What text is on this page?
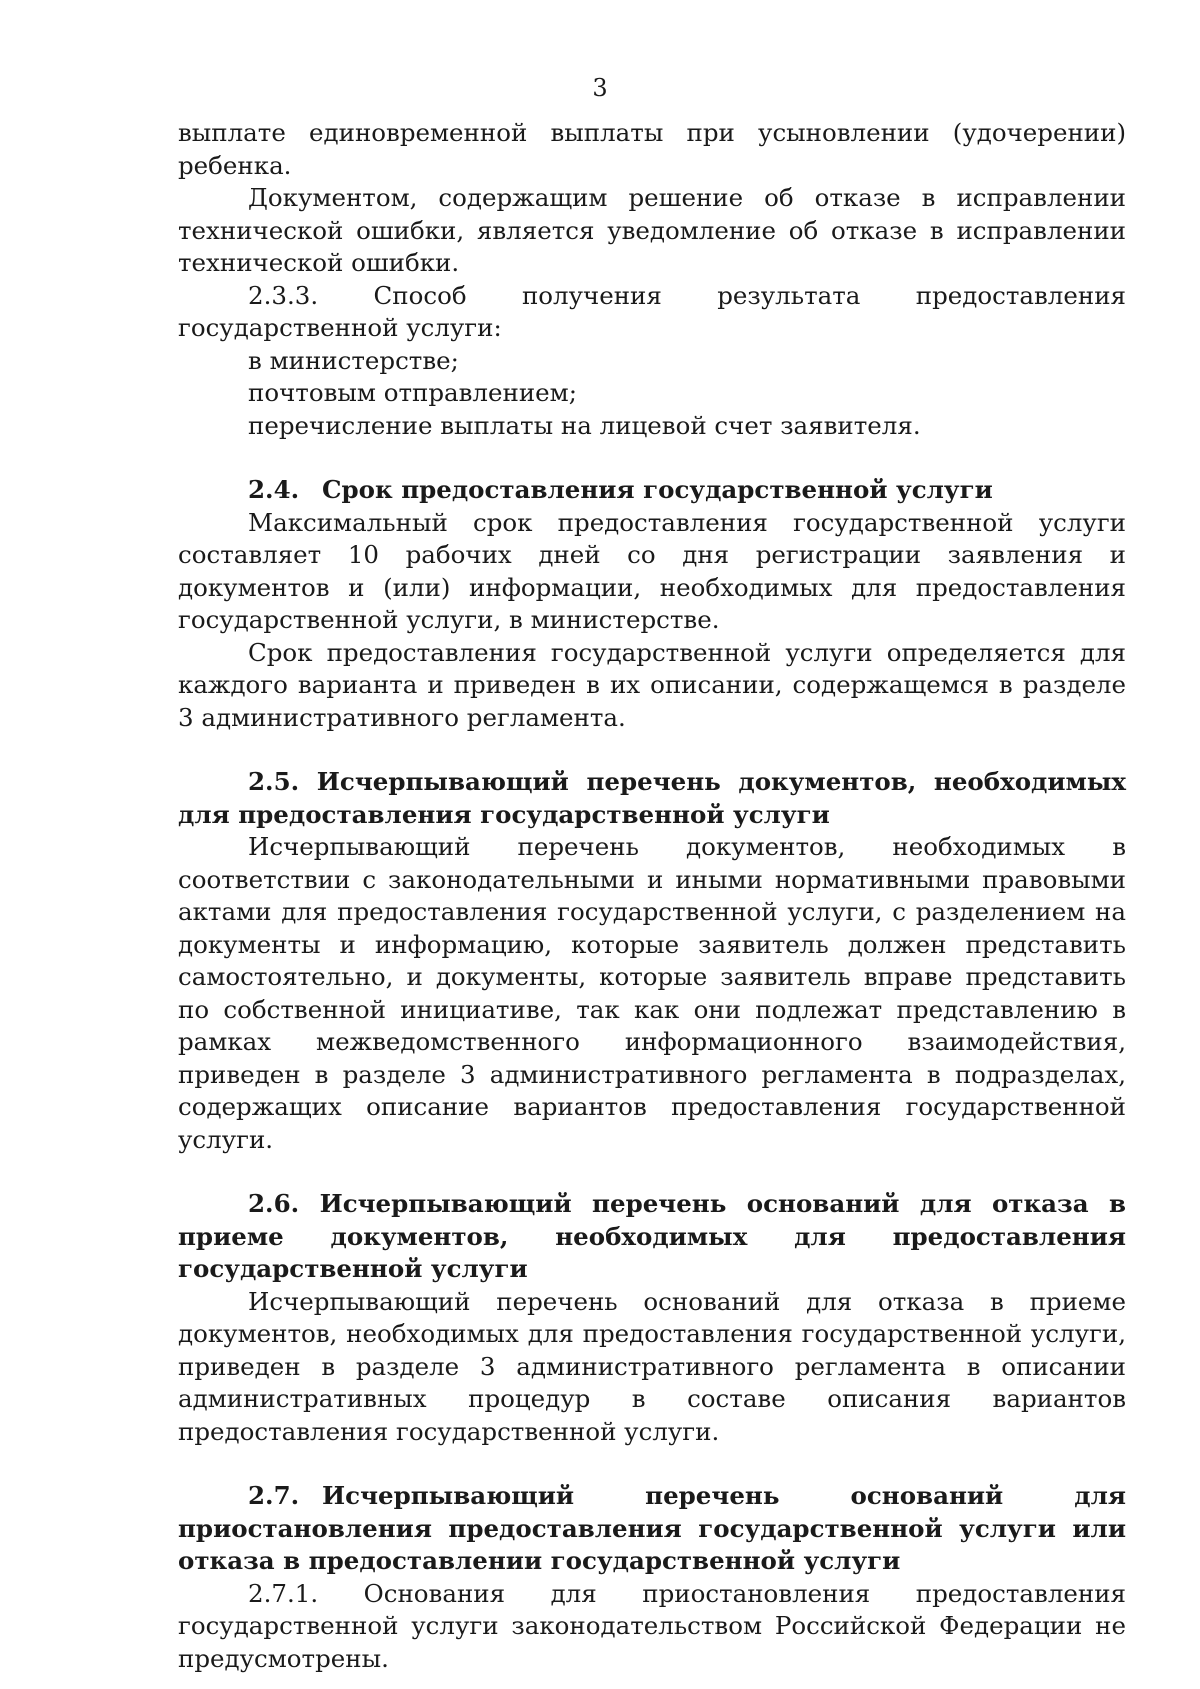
3

выплате единовременной выплаты при усыновлении (удочерении) ребенка.

Документом, содержащим решение об отказе в исправлении технической ошибки, является уведомление об отказе в исправлении технической ошибки.

2.3.3. Способ получения результата предоставления государственной услуги:

в министерстве;

почтовым отправлением;

перечисление выплаты на лицевой счет заявителя.

2.4. Срок предоставления государственной услуги

Максимальный срок предоставления государственной услуги составляет 10 рабочих дней со дня регистрации заявления и документов и (или) информации, необходимых для предоставления государственной услуги, в министерстве.

Срок предоставления государственной услуги определяется для каждого варианта и приведен в их описании, содержащемся в разделе 3 административного регламента.

2.5. Исчерпывающий перечень документов, необходимых для предоставления государственной услуги

Исчерпывающий перечень документов, необходимых в соответствии с законодательными и иными нормативными правовыми актами для предоставления государственной услуги, с разделением на документы и информацию, которые заявитель должен представить самостоятельно, и документы, которые заявитель вправе представить по собственной инициативе, так как они подлежат представлению в рамках межведомственного информационного взаимодействия, приведен в разделе 3 административного регламента в подразделах, содержащих описание вариантов предоставления государственной услуги.

2.6. Исчерпывающий перечень оснований для отказа в приеме документов, необходимых для предоставления государственной услуги

Исчерпывающий перечень оснований для отказа в приеме документов, необходимых для предоставления государственной услуги, приведен в разделе 3 административного регламента в описании административных процедур в составе описания вариантов предоставления государственной услуги.

2.7. Исчерпывающий перечень оснований для приостановления предоставления государственной услуги или отказа в предоставлении государственной услуги

2.7.1. Основания для приостановления предоставления государственной услуги законодательством Российской Федерации не предусмотрены.
